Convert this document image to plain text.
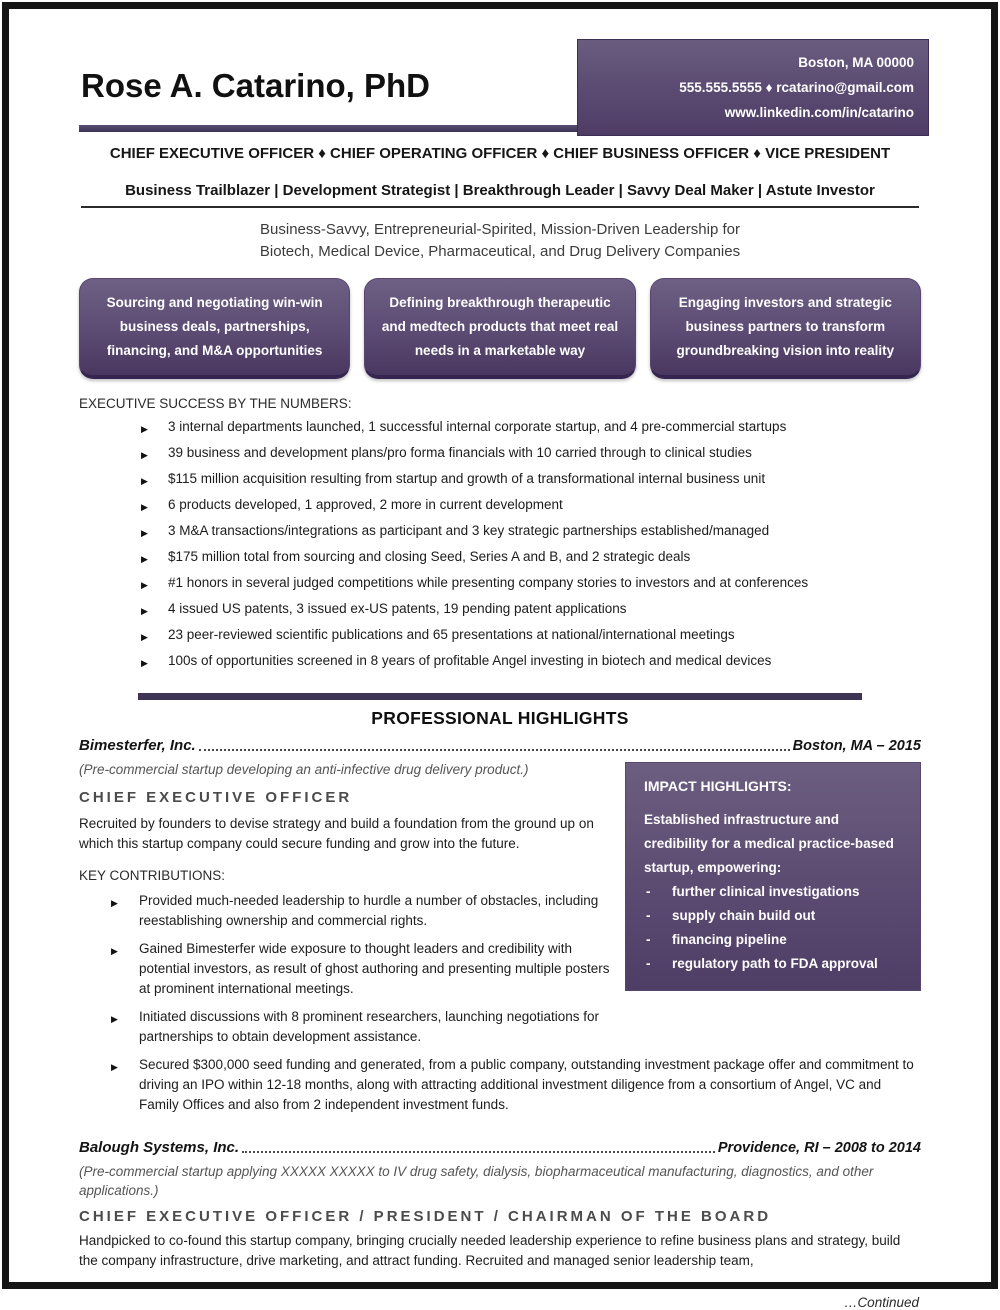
Boston, MA 00000
555.555.5555 ♦ rcatarino@gmail.com
www.linkedin.com/in/catarino
Rose A. Catarino, PhD
CHIEF EXECUTIVE OFFICER ♦ CHIEF OPERATING OFFICER ♦ CHIEF BUSINESS OFFICER ♦ VICE PRESIDENT
Business Trailblazer | Development Strategist | Breakthrough Leader | Savvy Deal Maker | Astute Investor
Business-Savvy, Entrepreneurial-Spirited, Mission-Driven Leadership for
Biotech, Medical Device, Pharmaceutical, and Drug Delivery Companies
Sourcing and negotiating win-win business deals, partnerships, financing, and M&A opportunities
Defining breakthrough therapeutic and medtech products that meet real needs in a marketable way
Engaging investors and strategic business partners to transform groundbreaking vision into reality
EXECUTIVE SUCCESS BY THE NUMBERS:
▶	3 internal departments launched, 1 successful internal corporate startup, and 4 pre-commercial startups
▶	39 business and development plans/pro forma financials with 10 carried through to clinical studies
▶	$115 million acquisition resulting from startup and growth of a transformational internal business unit
▶	6 products developed, 1 approved, 2 more in current development
▶	3 M&A transactions/integrations as participant and 3 key strategic partnerships established/managed
▶	$175 million total from sourcing and closing Seed, Series A and B, and 2 strategic deals
▶	#1 honors in several judged competitions while presenting company stories to investors and at conferences
▶	4 issued US patents, 3 issued ex-US patents, 19 pending patent applications
▶	23 peer-reviewed scientific publications and 65 presentations at national/international meetings
▶	100s of opportunities screened in 8 years of profitable Angel investing in biotech and medical devices
PROFESSIONAL HIGHLIGHTS
Bimesterfer, Inc.	Boston, MA – 2015
IMPACT HIGHLIGHTS:
Established infrastructure and credibility for a medical practice-based startup, empowering:
-	further clinical investigations
-	supply chain build out
-	financing pipeline
-	regulatory path to FDA approval
(Pre-commercial startup developing an anti-infective drug delivery product.)
CHIEF EXECUTIVE OFFICER
Recruited by founders to devise strategy and build a foundation from the ground up on which this startup company could secure funding and grow into the future.
KEY CONTRIBUTIONS:
▶	Provided much-needed leadership to hurdle a number of obstacles, including reestablishing ownership and commercial rights.
▶	Gained Bimesterfer wide exposure to thought leaders and credibility with potential investors, as result of ghost authoring and presenting multiple posters at prominent international meetings.
▶	Initiated discussions with 8 prominent researchers, launching negotiations for partnerships to obtain development assistance.
▶	Secured $300,000 seed funding and generated, from a public company, outstanding investment package offer and commitment to driving an IPO within 12-18 months, along with attracting additional investment diligence from a consortium of Angel, VC and Family Offices and also from 2 independent investment funds.
Balough Systems, Inc.	Providence, RI – 2008 to 2014
(Pre-commercial startup applying XXXXX XXXXX to IV drug safety, dialysis, biopharmaceutical manufacturing, diagnostics, and other applications.)
CHIEF EXECUTIVE OFFICER / PRESIDENT / CHAIRMAN OF THE BOARD
Handpicked to co-found this startup company, bringing crucially needed leadership experience to refine business plans and strategy, build the company infrastructure, drive marketing, and attract funding. Recruited and managed senior leadership team,
…Continued
